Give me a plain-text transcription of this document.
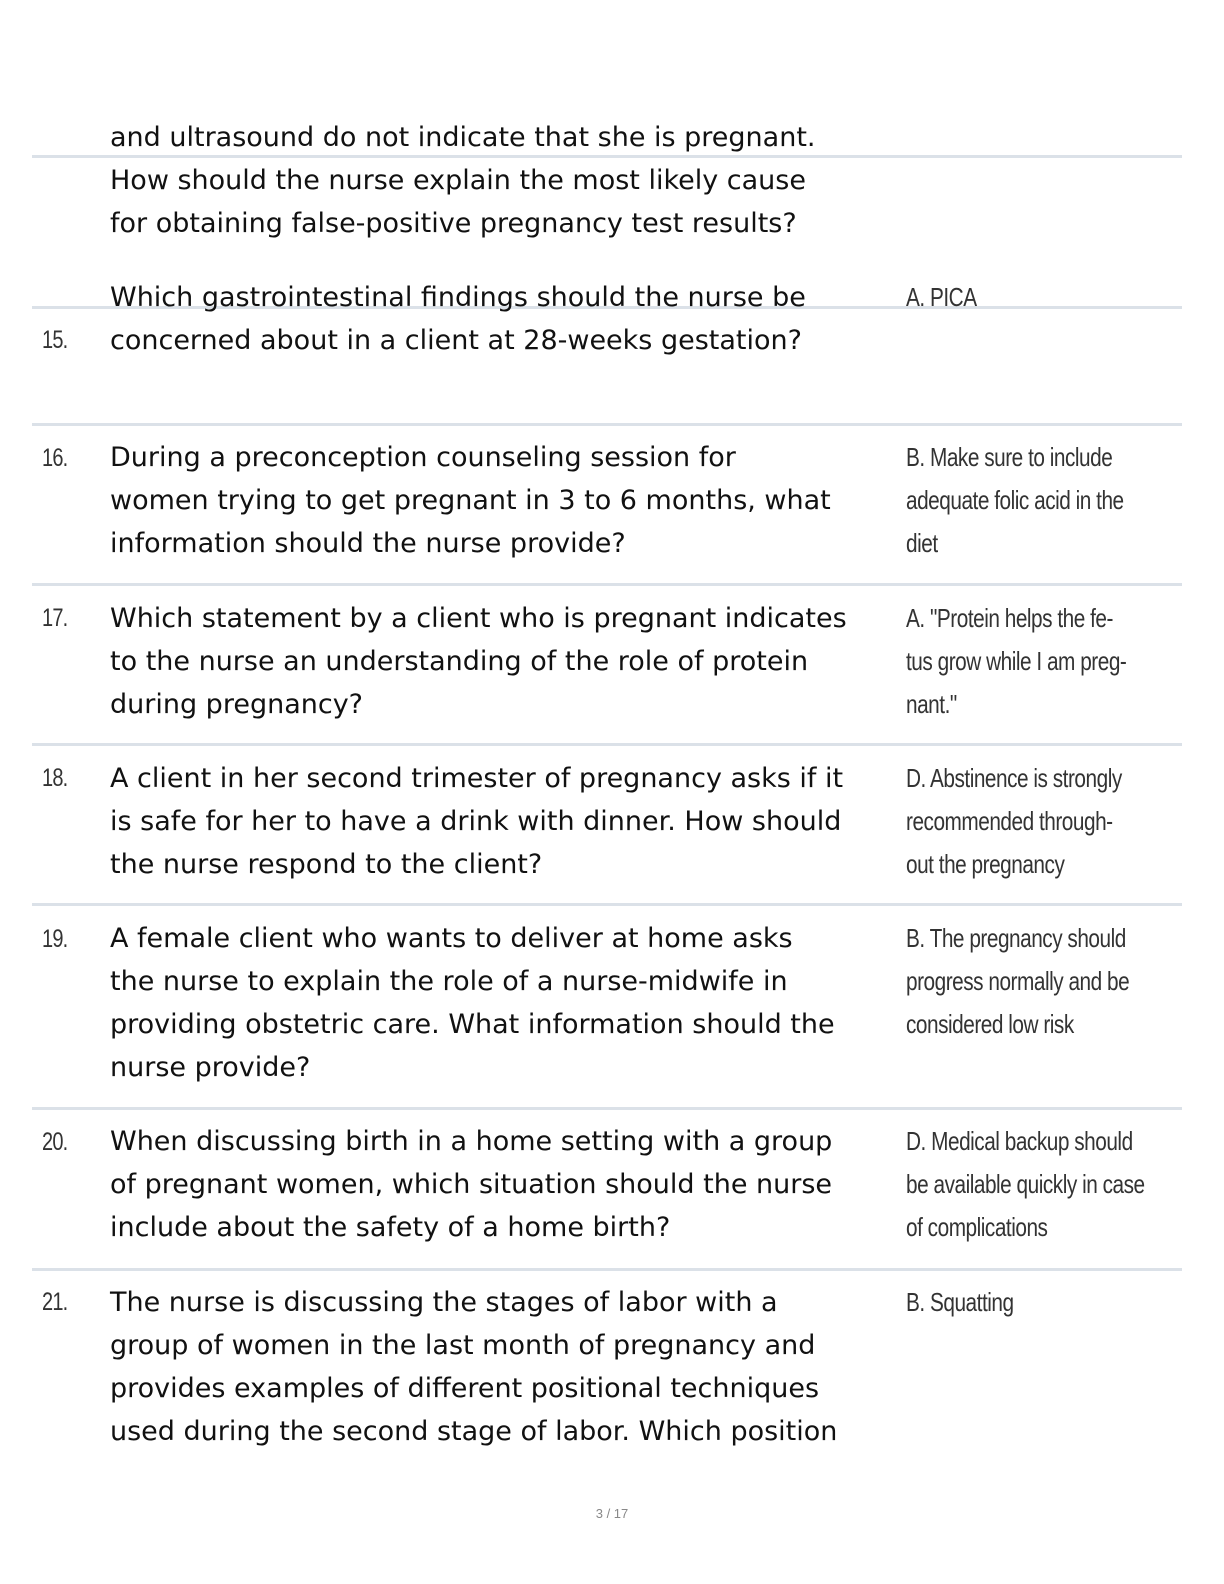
and ultrasound do not indicate that she is pregnant.
How should the nurse explain the most likely cause
for obtaining false-positive pregnancy test results?
15.
Which gastrointestinal findings should the nurse be
concerned about in a client at 28-weeks gestation?
A. PICA
16. During a preconception counseling session for
women trying to get pregnant in 3 to 6 months, what
information should the nurse provide?
B. Make sure to include
adequate folic acid in the
diet
17. Which statement by a client who is pregnant indicates
to the nurse an understanding of the role of protein
during pregnancy?
A. "Protein helps the fe-
tus grow while I am preg-
nant."
18. A client in her second trimester of pregnancy asks if it
is safe for her to have a drink with dinner. How should
the nurse respond to the client?
D. Abstinence is strongly
recommended through-
out the pregnancy
19. A female client who wants to deliver at home asks
the nurse to explain the role of a nurse-midwife in
providing obstetric care. What information should the
nurse provide?
B. The pregnancy should
progress normally and be
considered low risk
20. When discussing birth in a home setting with a group
of pregnant women, which situation should the nurse
include about the safety of a home birth?
D. Medical backup should
be available quickly in case
of complications
21. The nurse is discussing the stages of labor with a
group of women in the last month of pregnancy and
provides examples of different positional techniques
used during the second stage of labor. Which position
B. Squatting
3 / 17
